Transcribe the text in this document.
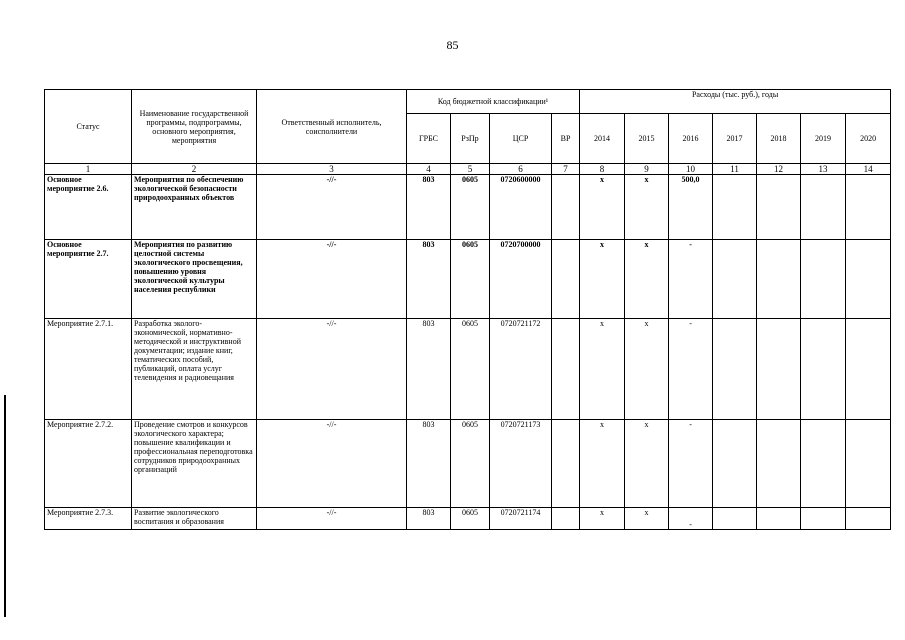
85
Статус	Наименование государственной программы, подпрограммы, основного мероприятия, мероприятия	Ответственный исполнитель, соисполнители	Код бюджетной классификации¹				Расходы (тыс. руб.), годы						
			ГРБС	РзПр	ЦСР	ВР	2014	2015	2016	2017	2018	2019	2020
1	2	3	4	5	6	7	8	9	10	11	12	13	14
Основное мероприятие 2.6.	Мероприятия по обеспечению экологической безопасности природоохранных объектов	-//-	803	0605	0720600000		х	х	500,0				
Основное мероприятие 2.7.	Мероприятия по развитию целостной системы экологического просвещения, повышению уровня экологической культуры населения республики	-//-	803	0605	0720700000		х	х	-				
Мероприятие 2.7.1.	Разработка эколого-экономической, нормативно-методической и инструктивной документации; издание книг, тематических пособий, публикаций, оплата услуг телевидения и радиовещания	-//-	803	0605	0720721172		х	х	-				
Мероприятие 2.7.2.	Проведение смотров и конкурсов экологического характера; повышение квалификации и профессиональная переподготовка сотрудников природоохранных организаций	-//-	803	0605	0720721173		х	х	-				
Мероприятие 2.7.3.	Развитие экологического воспитания и образования	-//-	803	0605	0720721174		х	х	-				
